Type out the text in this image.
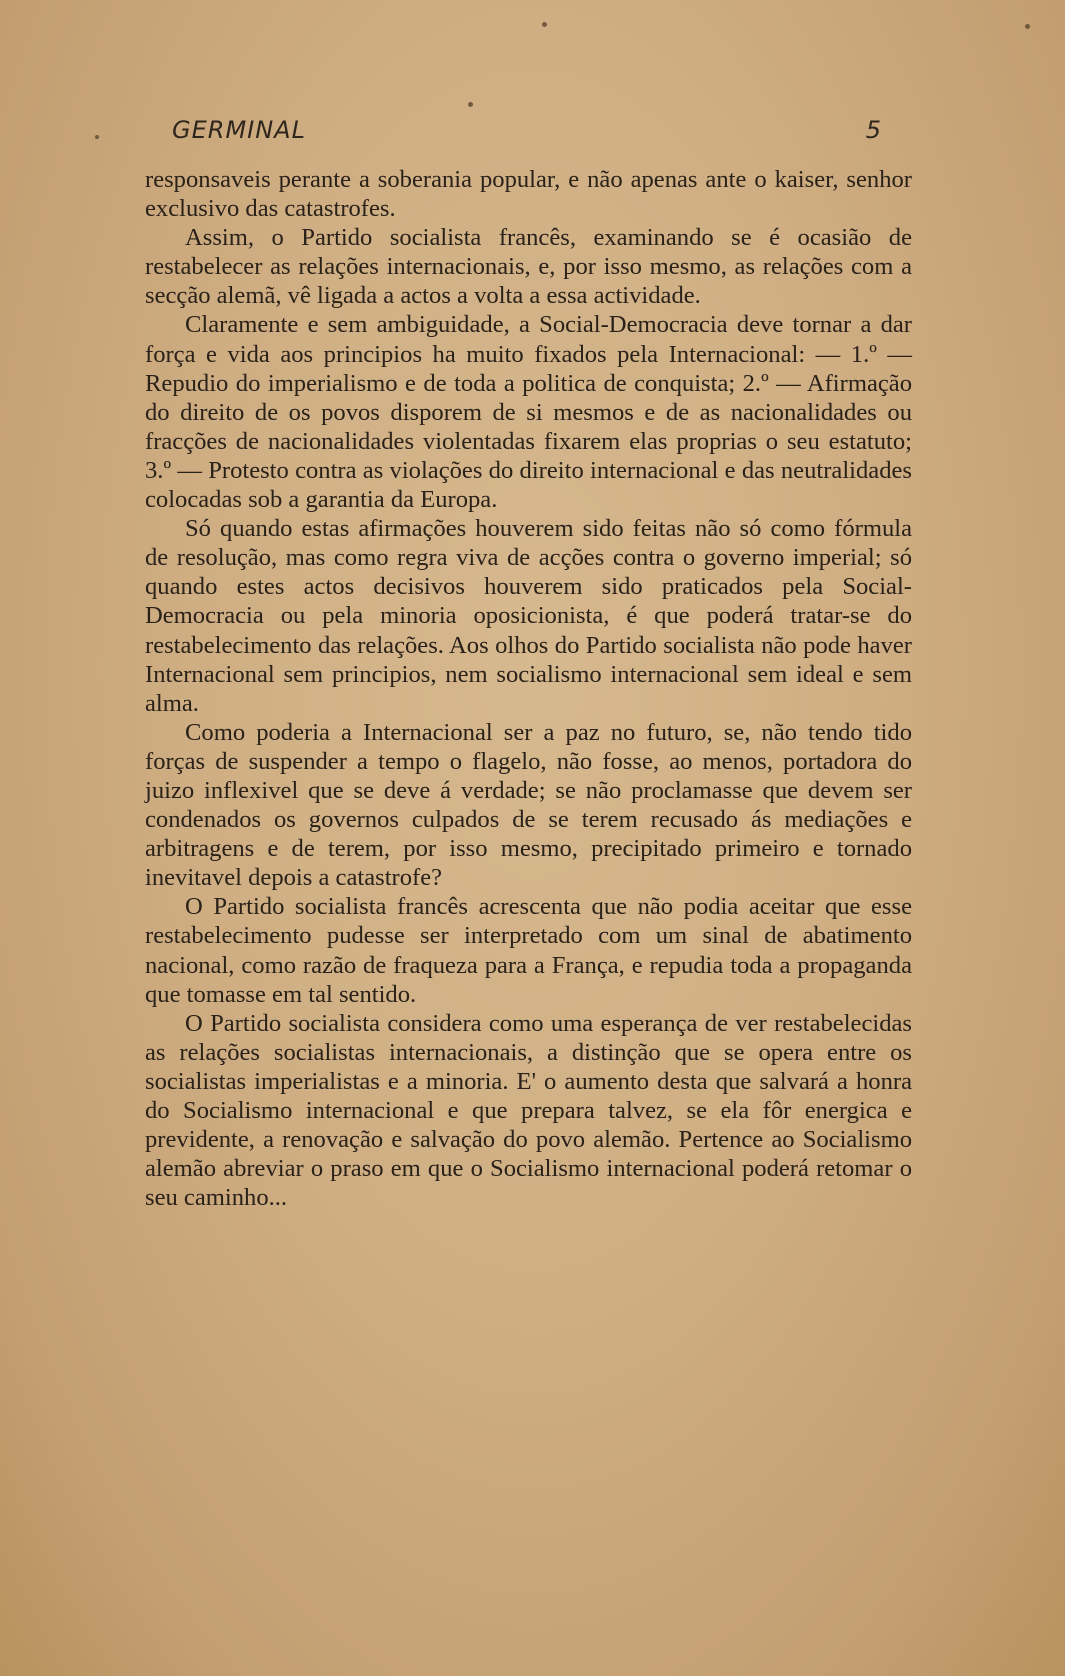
GERMINAL	5

responsaveis perante a soberania popular, e não apenas ante o kaiser, senhor exclusivo das catastrofes.

Assim, o Partido socialista francês, examinando se é ocasião de restabelecer as relações internacionais, e, por isso mesmo, as relações com a secção alemã, vê ligada a actos a volta a essa actividade.

Claramente e sem ambiguidade, a Social-Democracia deve tornar a dar força e vida aos principios ha muito fixados pela Internacional: — 1.º — Repudio do imperialismo e de toda a politica de conquista; 2.º — Afirmação do direito de os povos disporem de si mesmos e de as nacionalidades ou fracções de nacionalidades violentadas fixarem elas proprias o seu estatuto; 3.º — Protesto contra as violações do direito internacional e das neutralidades colocadas sob a garantia da Europa.

Só quando estas afirmações houverem sido feitas não só como fórmula de resolução, mas como regra viva de acções contra o governo imperial; só quando estes actos decisivos houverem sido praticados pela Social-Democracia ou pela minoria oposicionista, é que poderá tratar-se do restabelecimento das relações. Aos olhos do Partido socialista não pode haver Internacional sem principios, nem socialismo internacional sem ideal e sem alma.

Como poderia a Internacional ser a paz no futuro, se, não tendo tido forças de suspender a tempo o flagelo, não fosse, ao menos, portadora do juizo inflexivel que se deve á verdade; se não proclamasse que devem ser condenados os governos culpados de se terem recusado ás mediações e arbitragens e de terem, por isso mesmo, precipitado primeiro e tornado inevitavel depois a catastrofe?

O Partido socialista francês acrescenta que não podia aceitar que esse restabelecimento pudesse ser interpretado com um sinal de abatimento nacional, como razão de fraqueza para a França, e repudia toda a propaganda que tomasse em tal sentido.

O Partido socialista considera como uma esperança de ver restabelecidas as relações socialistas internacionais, a distinção que se opera entre os socialistas imperialistas e a minoria. E' o aumento desta que salvará a honra do Socialismo internacional e que prepara talvez, se ela fôr energica e previdente, a renovação e salvação do povo alemão. Pertence ao Socialismo alemão abreviar o praso em que o Socialismo internacional poderá retomar o seu caminho...
